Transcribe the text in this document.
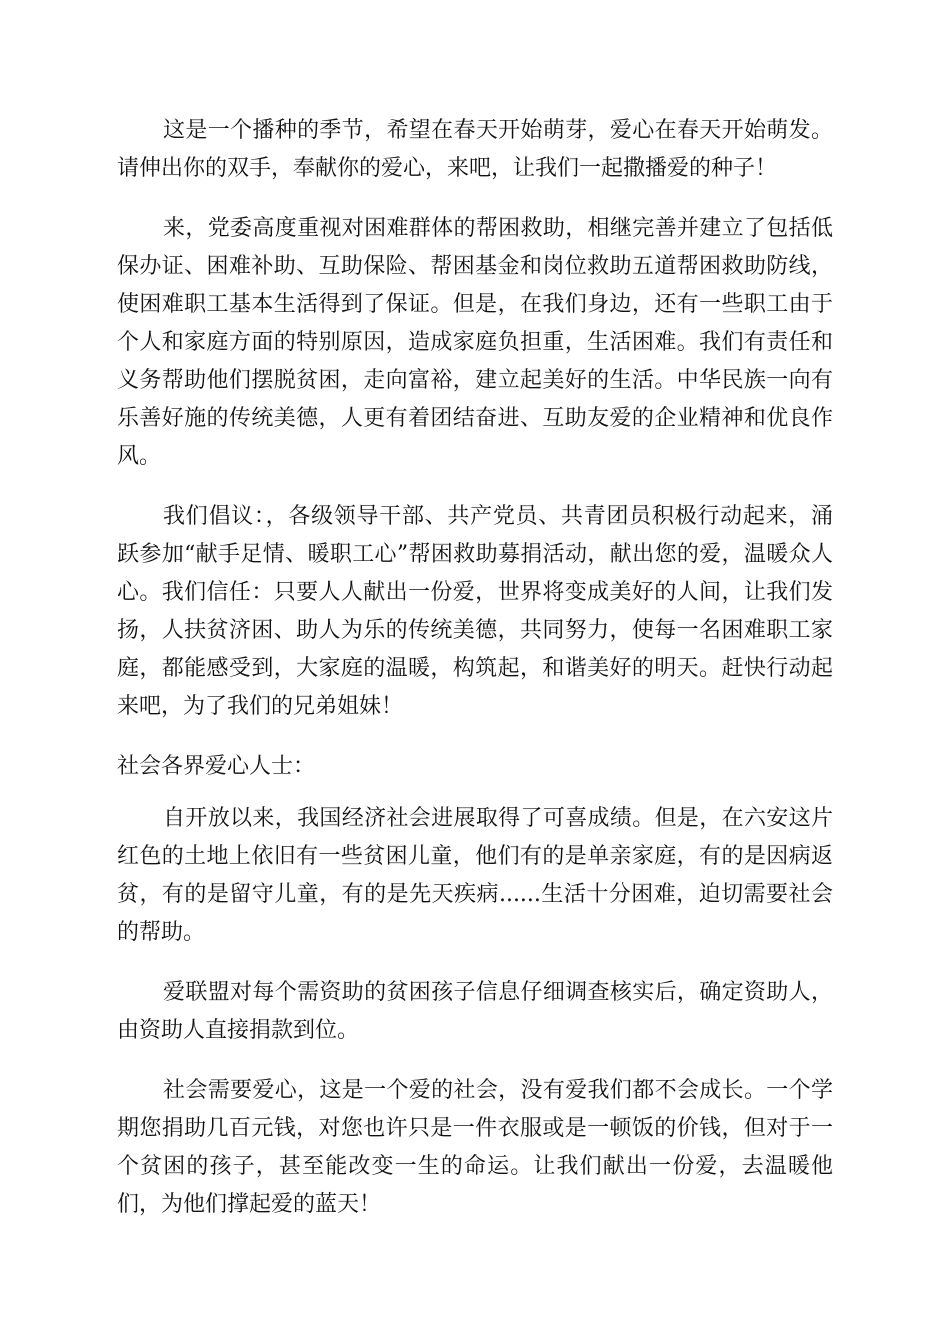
这是一个播种的季节，希望在春天开始萌芽，爱心在春天开始萌发。请伸出你的双手，奉献你的爱心，来吧，让我们一起撒播爱的种子！

来，党委高度重视对困难群体的帮困救助，相继完善并建立了包括低保办证、困难补助、互助保险、帮困基金和岗位救助五道帮困救助防线，使困难职工基本生活得到了保证。但是，在我们身边，还有一些职工由于个人和家庭方面的特别原因，造成家庭负担重，生活困难。我们有责任和义务帮助他们摆脱贫困，走向富裕，建立起美好的生活。中华民族一向有乐善好施的传统美德，人更有着团结奋进、互助友爱的企业精神和优良作风。

我们倡议：，各级领导干部、共产党员、共青团员积极行动起来，涌跃参加“献手足情、暖职工心”帮困救助募捐活动，献出您的爱，温暖众人心。我们信任：只要人人献出一份爱，世界将变成美好的人间，让我们发扬，人扶贫济困、助人为乐的传统美德，共同努力，使每一名困难职工家庭，都能感受到，大家庭的温暖，构筑起，和谐美好的明天。赶快行动起来吧，为了我们的兄弟姐妹！

社会各界爱心人士：

自开放以来，我国经济社会进展取得了可喜成绩。但是，在六安这片红色的土地上依旧有一些贫困儿童，他们有的是单亲家庭，有的是因病返贫，有的是留守儿童，有的是先天疾病......生活十分困难，迫切需要社会的帮助。

爱联盟对每个需资助的贫困孩子信息仔细调查核实后，确定资助人，由资助人直接捐款到位。

社会需要爱心，这是一个爱的社会，没有爱我们都不会成长。一个学期您捐助几百元钱，对您也许只是一件衣服或是一顿饭的价钱，但对于一个贫困的孩子，甚至能改变一生的命运。让我们献出一份爱，去温暖他们，为他们撑起爱的蓝天！
